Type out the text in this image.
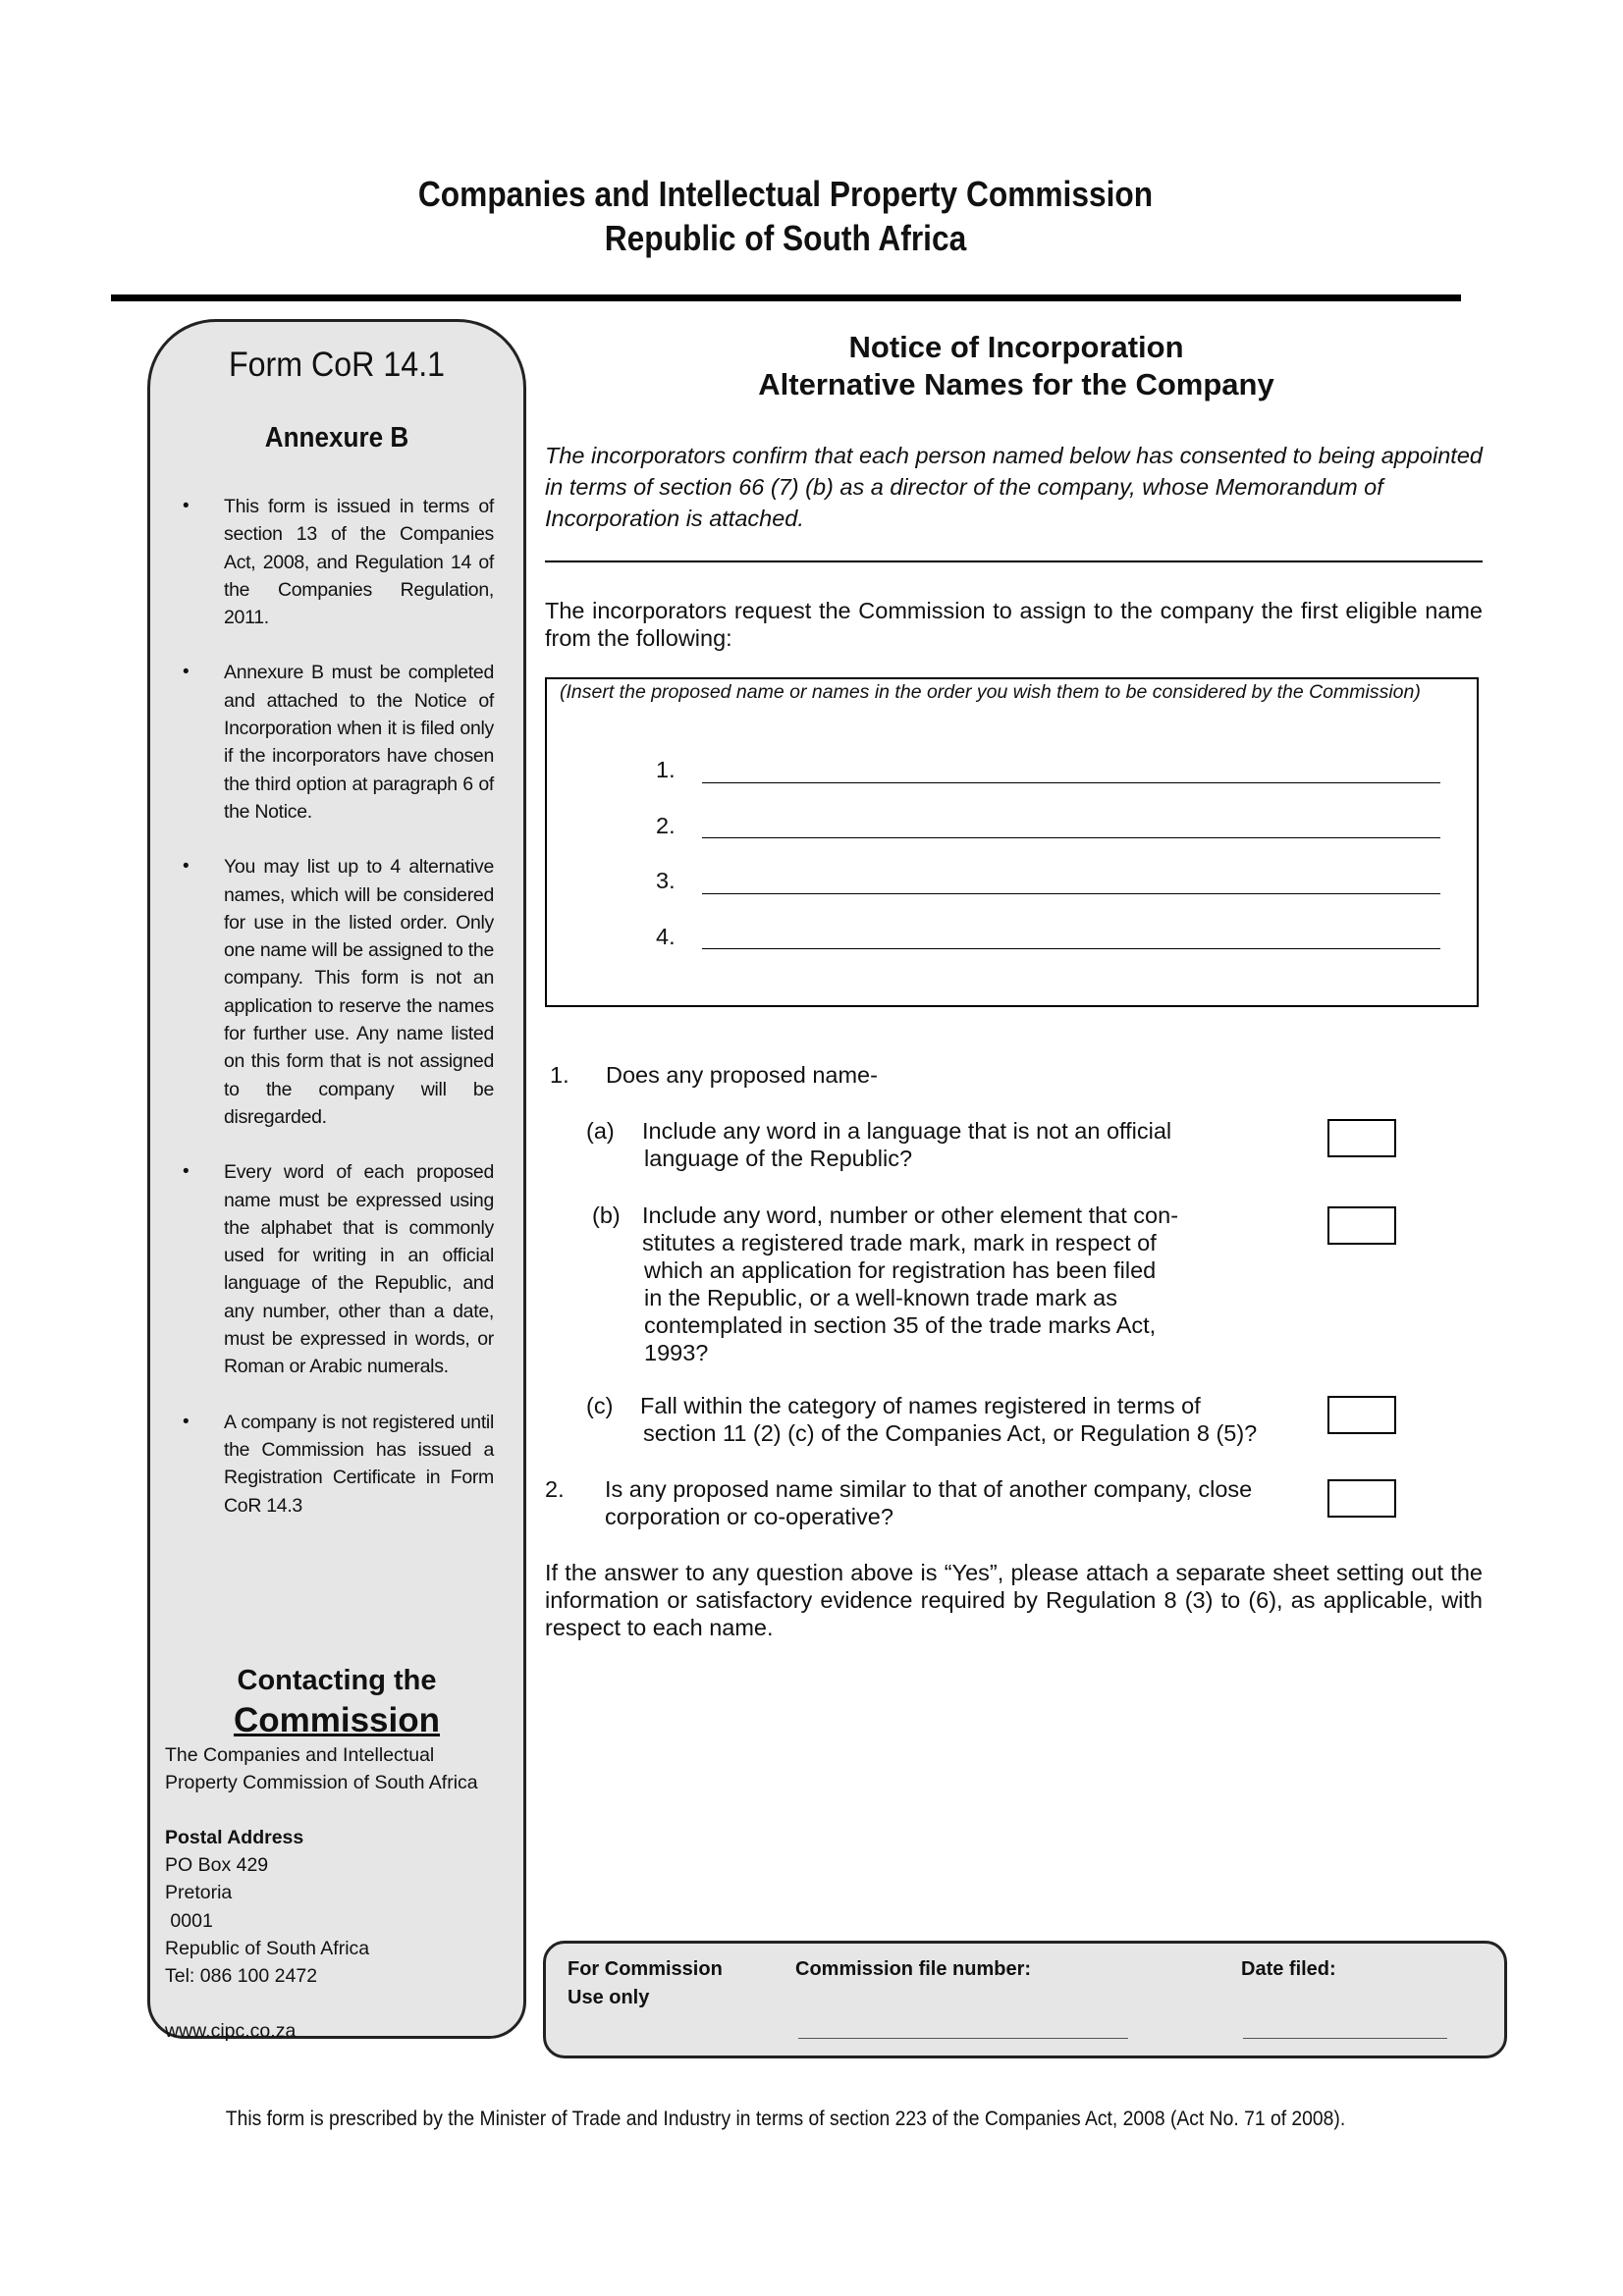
Companies and Intellectual Property Commission
Republic of South Africa
Form CoR 14.1
Annexure B
• This form is issued in terms of section 13 of the Companies Act, 2008, and Regulation 14 of the Companies Regulation, 2011.
• Annexure B must be completed and attached to the Notice of Incorporation when it is filed only if the incorporators have chosen the third option at paragraph 6 of the Notice.
• You may list up to 4 alternative names, which will be considered for use in the listed order. Only one name will be assigned to the company. This form is not an application to reserve the names for further use. Any name listed on this form that is not assigned to the company will be disregarded.
• Every word of each proposed name must be expressed using the alphabet that is commonly used for writing in an official language of the Republic, and any number, other than a date, must be expressed in words, or Roman or Arabic numerals.
• A company is not registered until the Commission has issued a Registration Certificate in Form CoR 14.3
Contacting the
Commission
The Companies and Intellectual
Property Commission of South Africa
Postal Address
PO Box 429
Pretoria
0001
Republic of South Africa
Tel: 086 100 2472
www.cipc.co.za
Notice of Incorporation
Alternative Names for the Company
The incorporators confirm that each person named below has consented to being appointed in terms of section 66 (7) (b) as a director of the company, whose Memorandum of Incorporation is attached.
The incorporators request the Commission to assign to the company the first eligible name from the following:
(Insert the proposed name or names in the order you wish them to be considered by the Commission)
1.
2.
3.
4.
1. Does any proposed name-
(a) Include any word in a language that is not an official
language of the Republic?
(b) Include any word, number or other element that con-
stitutes a registered trade mark, mark in respect of
which an application for registration has been filed
in the Republic, or a well-known trade mark as
contemplated in section 35 of the trade marks Act,
1993?
(c) Fall within the category of names registered in terms of
section 11 (2) (c) of the Companies Act, or Regulation 8 (5)?
2. Is any proposed name similar to that of another company, close
corporation or co-operative?
If the answer to any question above is “Yes”, please attach a separate sheet setting out the information or satisfactory evidence required by Regulation 8 (3) to (6), as applicable, with respect to each name.
For Commission
Use only
Commission file number:	Date filed:
This form is prescribed by the Minister of Trade and Industry in terms of section 223 of the Companies Act, 2008 (Act No. 71 of 2008).
